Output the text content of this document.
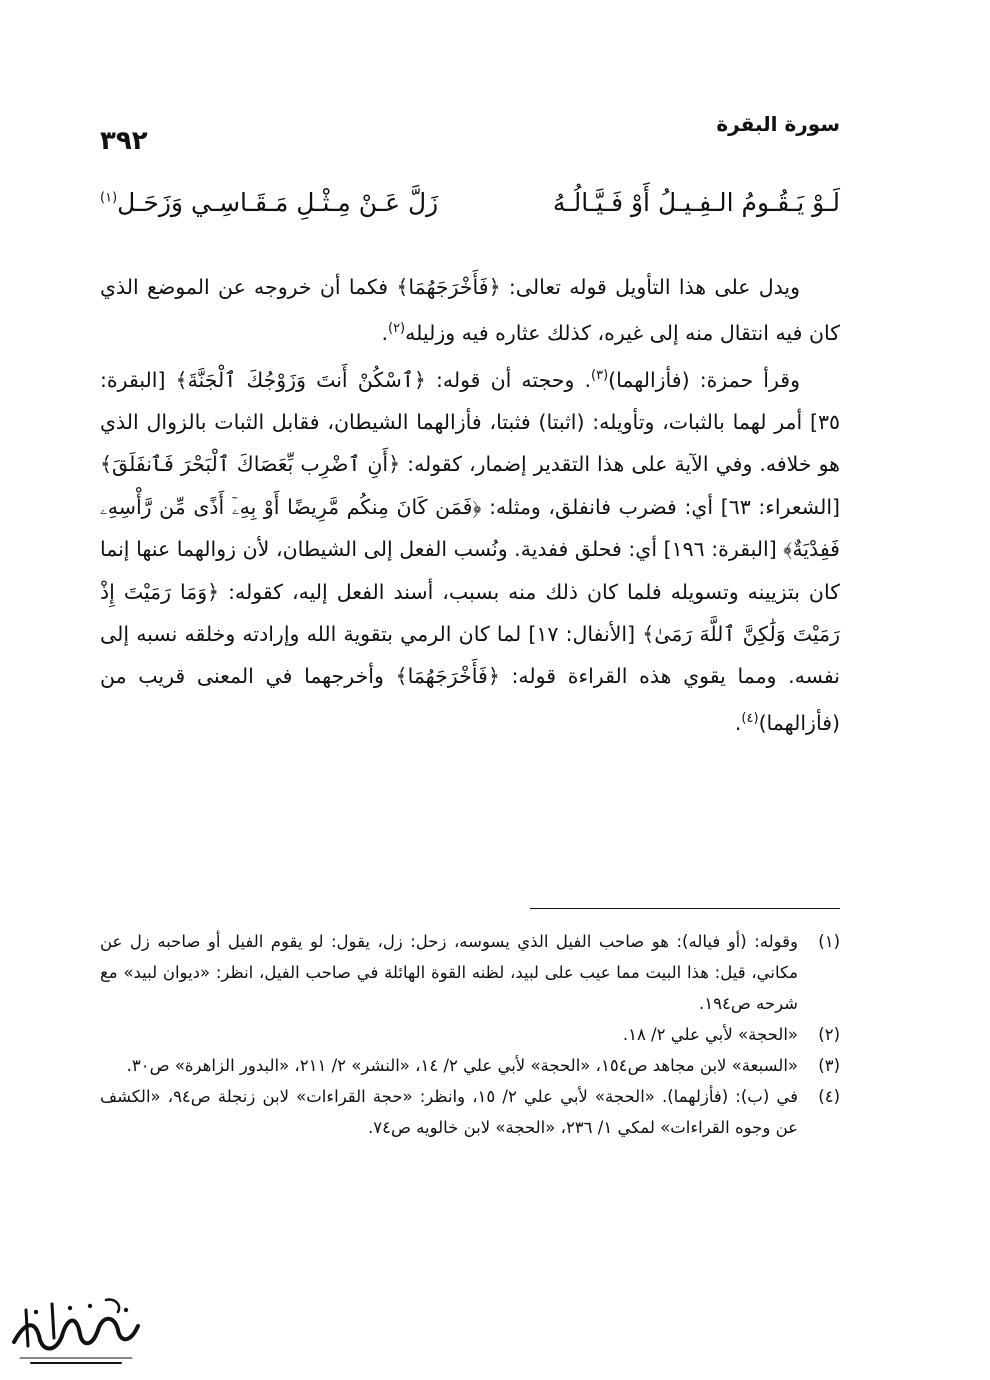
سورة البقرة
٣٩٢
لَـوْ يَـقُـومُ الـفِـيـلُ أَوْ فَـيَّـالُـهُ
زَلَّ عَـنْ مِـثْـلِ مَـقَـاسِـي وَزَحَـل$^{(١)}$

ويدل على هذا التأويل قوله تعالى: ﴿فَأَخْرَجَهُمَا﴾ فكما أن خروجه عن الموضع الذي كان فيه انتقال منه إلى غيره، كذلك عثاره فيه وزليله$^{(٢)}$.

وقرأ حمزة: (فأزالهما)$^{(٣)}$. وحجته أن قوله: ﴿ٱسْكُنْ أَنتَ وَزَوْجُكَ ٱلْجَنَّةَ﴾ [البقرة: ٣٥] أمر لهما بالثبات، وتأويله: (اثبتا) فثبتا، فأزالهما الشيطان، فقابل الثبات بالزوال الذي هو خلافه. وفي الآية على هذا التقدير إضمار، كقوله: ﴿أَنِ ٱضْرِب بِّعَصَاكَ ٱلْبَحْرَ فَٱنفَلَقَ﴾ [الشعراء: ٦٣] أي: فضرب فانفلق، ومثله: ﴿فَمَن كَانَ مِنكُم مَّرِيضًا أَوْ بِهِۦٓ أَذًى مِّن رَّأْسِهِۦ فَفِدْيَةٌ﴾ [البقرة: ١٩٦] أي: فحلق ففدية. ونُسب الفعل إلى الشيطان، لأن زوالهما عنها إنما كان بتزيينه وتسويله فلما كان ذلك منه بسبب، أسند الفعل إليه، كقوله: ﴿وَمَا رَمَيْتَ إِذْ رَمَيْتَ وَلَٰكِنَّ ٱللَّهَ رَمَىٰ﴾ [الأنفال: ١٧] لما كان الرمي بتقوية الله وإرادته وخلقه نسبه إلى نفسه. ومما يقوي هذه القراءة قوله: ﴿فَأَخْرَجَهُمَا﴾ وأخرجهما في المعنى قريب من (فأزالهما)$^{(٤)}$.

(١)
وقوله: (أو فياله): هو صاحب الفيل الذي يسوسه، زحل: زل، يقول: لو يقوم الفيل أو صاحبه زل عن مكاني، قيل: هذا البيت مما عيب على لبيد، لظنه القوة الهائلة في صاحب الفيل، انظر: «ديوان لبيد» مع شرحه ص١٩٤.
(٢)
«الحجة» لأبي علي ٢/ ١٨.
(٣)
«السبعة» لابن مجاهد ص١٥٤، «الحجة» لأبي علي ٢/ ١٤، «النشر» ٢/ ٢١١، «البدور الزاهرة» ص٣٠.
(٤)
في (ب): (فأزلهما). «الحجة» لأبي علي ٢/ ١٥، وانظر: «حجة القراءات» لابن زنجلة ص٩٤، «الكشف عن وجوه القراءات» لمكي ١/ ٢٣٦، «الحجة» لابن خالويه ص٧٤.
